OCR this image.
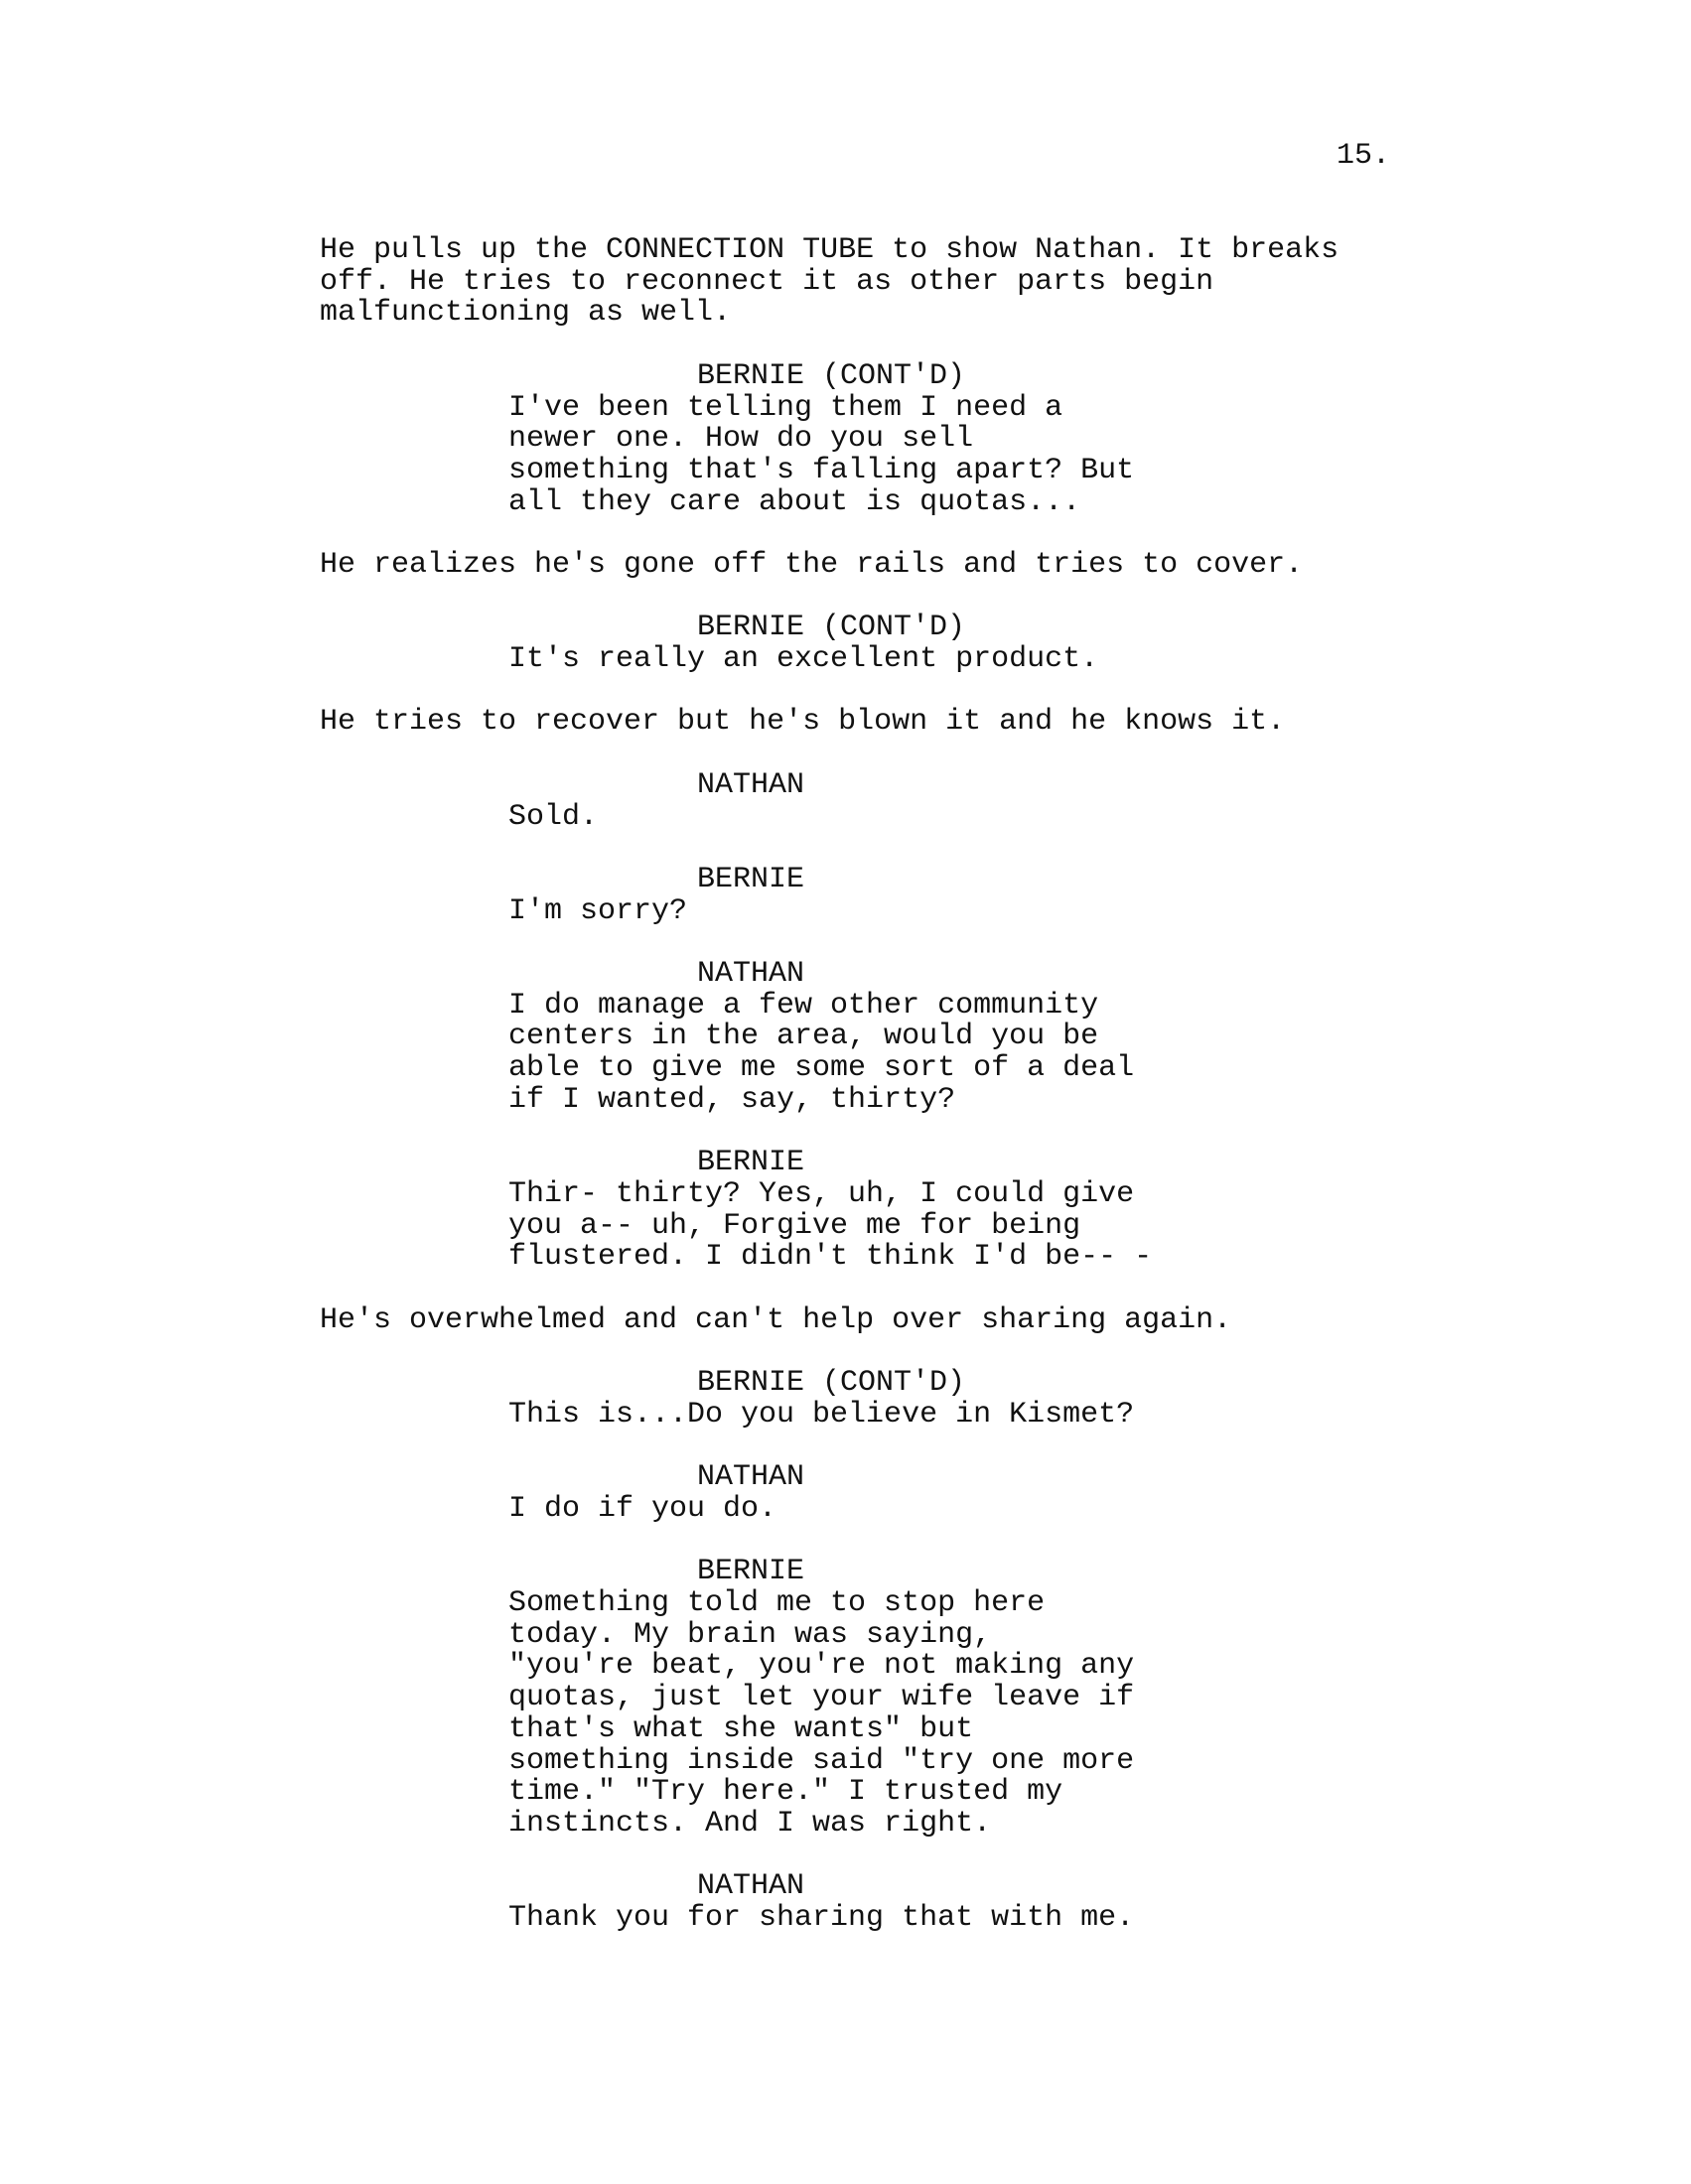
15.
He pulls up the CONNECTION TUBE to show Nathan. It breaks
off. He tries to reconnect it as other parts begin
malfunctioning as well.
BERNIE (CONT'D)
I've been telling them I need a
newer one. How do you sell
something that's falling apart? But
all they care about is quotas...
He realizes he's gone off the rails and tries to cover.
BERNIE (CONT'D)
It's really an excellent product.
He tries to recover but he's blown it and he knows it.
NATHAN
Sold.
BERNIE
I'm sorry?
NATHAN
I do manage a few other community
centers in the area, would you be
able to give me some sort of a deal
if I wanted, say, thirty?
BERNIE
Thir- thirty? Yes, uh, I could give
you a-- uh, Forgive me for being
flustered. I didn't think I'd be-- -
He's overwhelmed and can't help over sharing again.
BERNIE (CONT'D)
This is...Do you believe in Kismet?
NATHAN
I do if you do.
BERNIE
Something told me to stop here
today. My brain was saying,
"you're beat, you're not making any
quotas, just let your wife leave if
that's what she wants" but
something inside said "try one more
time." "Try here." I trusted my
instincts. And I was right.
NATHAN
Thank you for sharing that with me.
